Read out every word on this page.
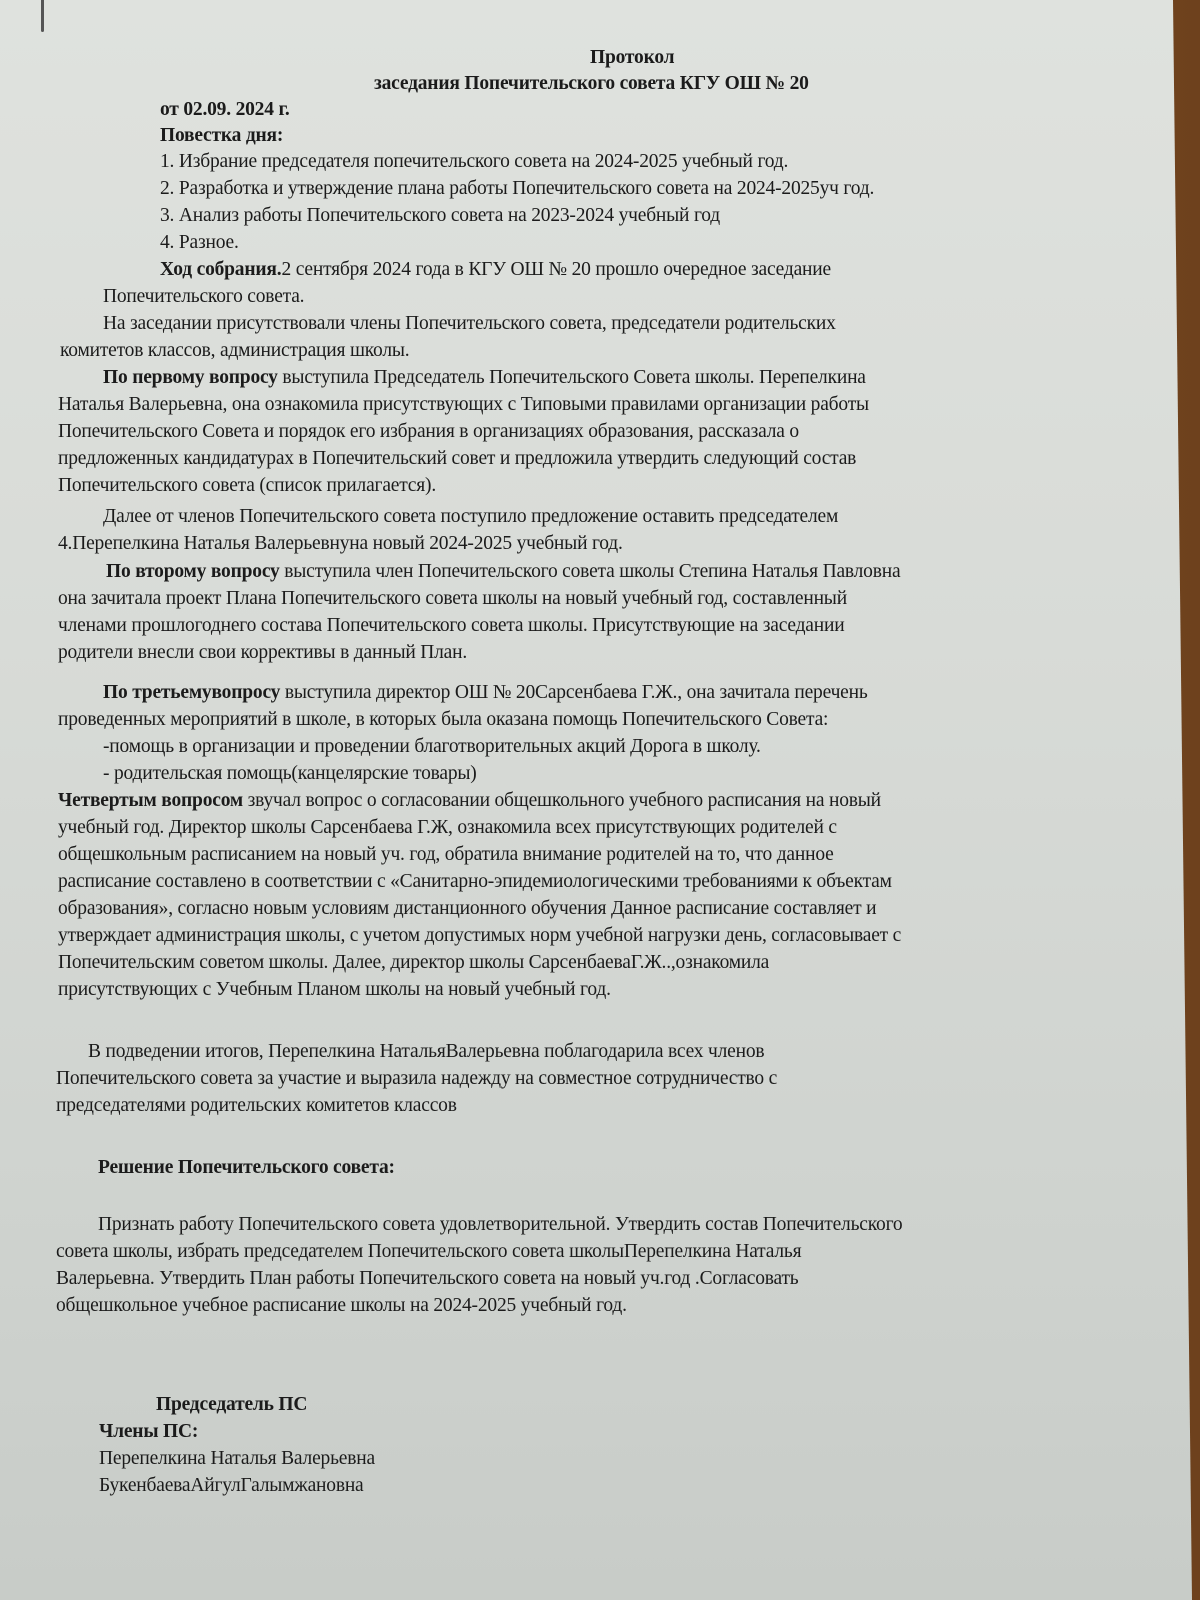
Протокол
заседания Попечительского совета КГУ ОШ № 20
от 02.09. 2024 г.
Повестка дня:
1. Избрание председателя попечительского совета на 2024-2025 учебный год.
2. Разработка и утверждение плана работы Попечительского совета на 2024-2025уч год.
3. Анализ работы Попечительского совета на 2023-2024 учебный год
4. Разное.
Ход собрания.2 сентября 2024 года в КГУ ОШ № 20 прошло очередное заседание
Попечительского совета.
На заседании присутствовали члены Попечительского совета, председатели родительских
комитетов классов, администрация школы.
По первому вопросу выступила Председатель Попечительского Совета школы. Перепелкина
Наталья Валерьевна, она ознакомила присутствующих с Типовыми правилами организации работы
Попечительского Совета и порядок его избрания в организациях образования, рассказала о
предложенных кандидатурах в Попечительский совет и предложила утвердить следующий состав
Попечительского совета (список прилагается).
Далее от членов Попечительского совета поступило предложение оставить председателем
4.Перепелкина Наталья Валерьевнуна новый 2024-2025 учебный год.
По второму вопросу выступила член Попечительского совета школы Степина Наталья Павловна
она зачитала проект Плана Попечительского совета школы на новый учебный год, составленный
членами прошлогоднего состава Попечительского совета школы. Присутствующие на заседании
родители внесли свои коррективы в данный План.
По третьемувопросу выступила директор ОШ № 20Сарсенбаева Г.Ж., она зачитала перечень
проведенных мероприятий в школе, в которых была оказана помощь Попечительского Совета:
-помощь в организации и проведении благотворительных акций Дорога в школу.
- родительская помощь(канцелярские товары)
Четвертым вопросом звучал вопрос о согласовании общешкольного учебного расписания на новый
учебный год. Директор школы Сарсенбаева Г.Ж, ознакомила всех присутствующих родителей с
общешкольным расписанием на новый уч. год, обратила внимание родителей на то, что данное
расписание составлено в соответствии с «Санитарно-эпидемиологическими требованиями к объектам
образования», согласно новым условиям дистанционного обучения Данное расписание составляет и
утверждает администрация школы, с учетом допустимых норм учебной нагрузки день, согласовывает с
Попечительским советом школы. Далее, директор школы СарсенбаеваГ.Ж..,ознакомила
присутствующих с Учебным Планом школы на новый учебный год.
В подведении итогов, Перепелкина НатальяВалерьевна поблагодарила всех членов
Попечительского совета за участие и выразила надежду на совместное сотрудничество с
председателями родительских комитетов классов
Решение Попечительского совета:
Признать работу Попечительского совета удовлетворительной. Утвердить состав Попечительского
совета школы, избрать председателем Попечительского совета школыПерепелкина Наталья
Валерьевна. Утвердить План работы Попечительского совета на новый уч.год .Согласовать
общешкольное учебное расписание школы на 2024-2025 учебный год.
Председатель ПС
Члены ПС:
Перепелкина Наталья Валерьевна
БукенбаеваАйгулГалымжановна
